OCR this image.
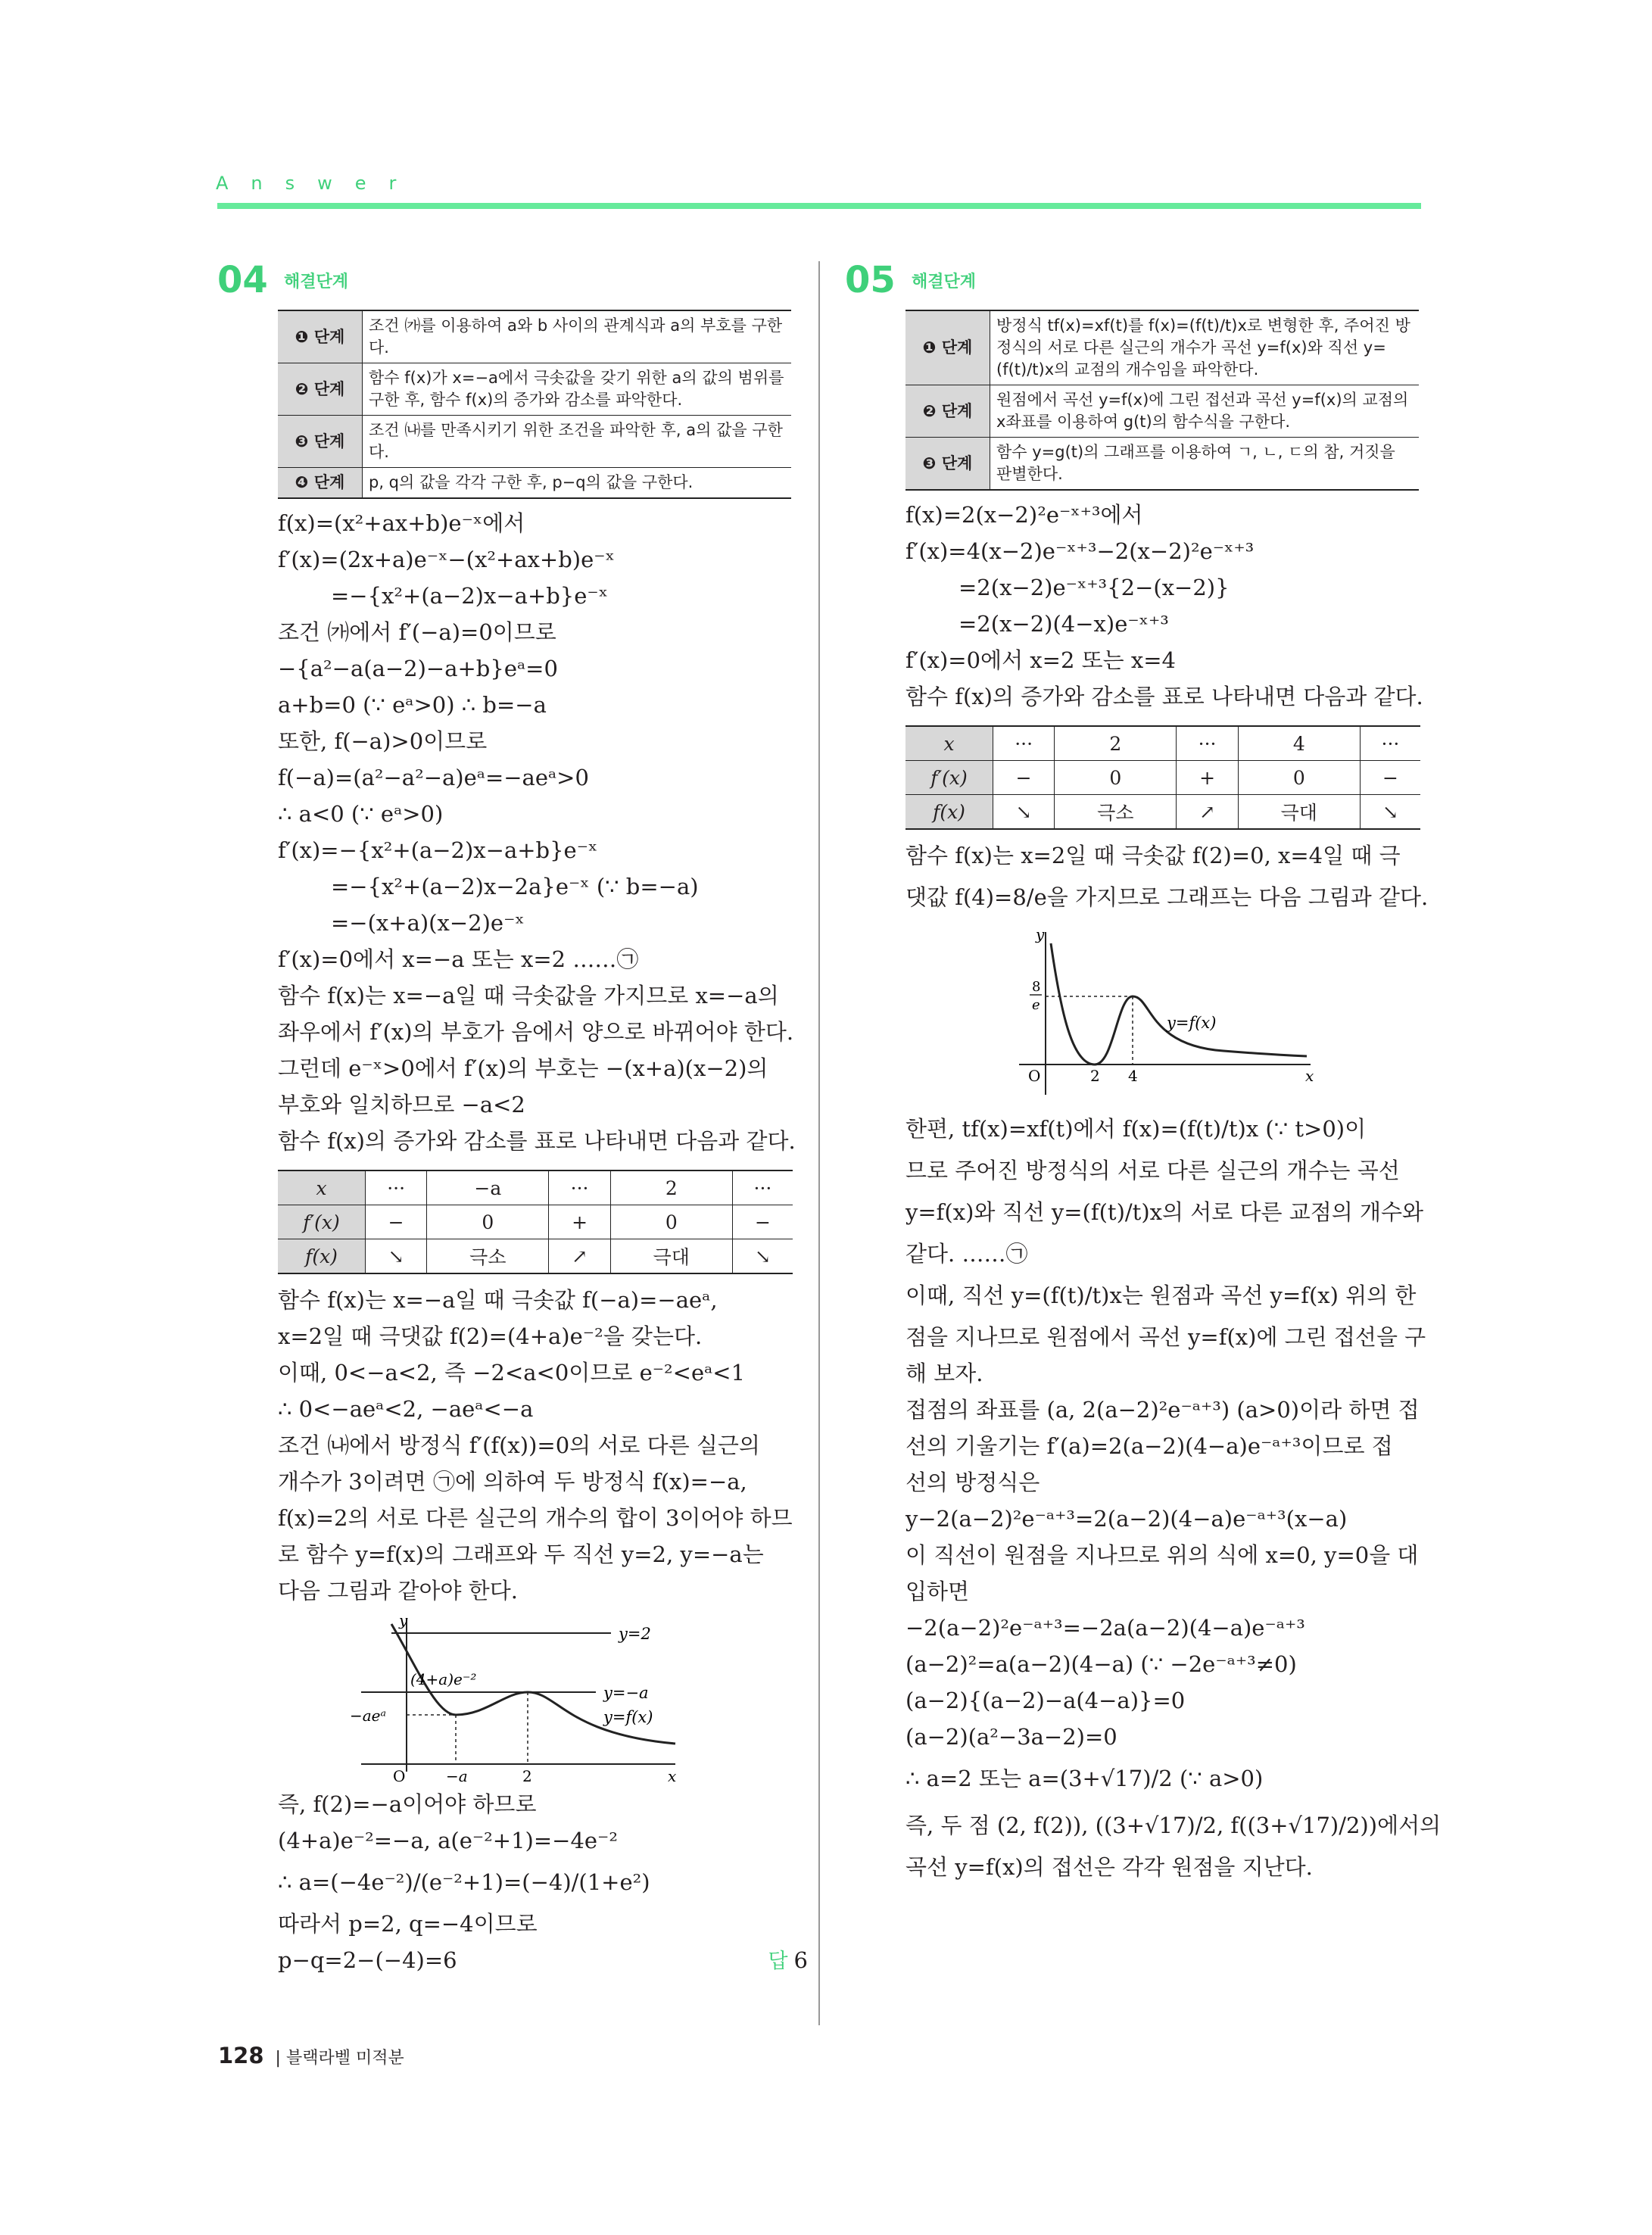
Answer
04 해결단계
❶ 단계	조건 ㈎를 이용하여 a와 b 사이의 관계식과 a의 부호를 구한다.
❷ 단계	함수 f(x)가 x=−a에서 극솟값을 갖기 위한 a의 값의 범위를 구한 후, 함수 f(x)의 증가와 감소를 파악한다.
❸ 단계	조건 ㈏를 만족시키기 위한 조건을 파악한 후, a의 값을 구한다.
❹ 단계	p, q의 값을 각각 구한 후, p−q의 값을 구한다.
f(x)=(x²+ax+b)e⁻ˣ에서
f′(x)=(2x+a)e⁻ˣ−(x²+ax+b)e⁻ˣ
=−{x²+(a−2)x−a+b}e⁻ˣ
조건 ㈎에서 f′(−a)=0이므로
−{a²−a(a−2)−a+b}eᵃ=0
a+b=0 (∵ eᵃ>0) ∴ b=−a
또한, f(−a)>0이므로
f(−a)=(a²−a²−a)eᵃ=−aeᵃ>0
∴ a<0 (∵ eᵃ>0)
f′(x)=−{x²+(a−2)x−a+b}e⁻ˣ
=−{x²+(a−2)x−2a}e⁻ˣ (∵ b=−a)
=−(x+a)(x−2)e⁻ˣ
f′(x)=0에서 x=−a 또는 x=2 ……㉠
함수 f(x)는 x=−a일 때 극솟값을 가지므로 x=−a의
좌우에서 f′(x)의 부호가 음에서 양으로 바뀌어야 한다.
그런데 e⁻ˣ>0에서 f′(x)의 부호는 −(x+a)(x−2)의
부호와 일치하므로 −a<2
함수 f(x)의 증가와 감소를 표로 나타내면 다음과 같다.
x	···	−a	···	2	···
f′(x)	−	0	+	0	−
f(x)	↘	극소	↗	극대	↘
함수 f(x)는 x=−a일 때 극솟값 f(−a)=−aeᵃ,
x=2일 때 극댓값 f(2)=(4+a)e⁻²을 갖는다.
이때, 0<−a<2, 즉 −2<a<0이므로 e⁻²<eᵃ<1
∴ 0<−aeᵃ<2, −aeᵃ<−a
조건 ㈏에서 방정식 f′(f(x))=0의 서로 다른 실근의
개수가 3이려면 ㉠에 의하여 두 방정식 f(x)=−a,
f(x)=2의 서로 다른 실근의 개수의 합이 3이어야 하므
로 함수 y=f(x)의 그래프와 두 직선 y=2, y=−a는
다음 그림과 같아야 한다.
y
x
O	−a	2
y=2
y=−a
y=f(x)
(4+a)e⁻²
−aeᵃ
즉, f(2)=−a이어야 하므로
(4+a)e⁻²=−a, a(e⁻²+1)=−4e⁻²
∴ a=(−4e⁻²)/(e⁻²+1)=(−4)/(1+e²)
따라서 p=2, q=−4이므로
p−q=2−(−4)=6	답 6
05 해결단계
❶ 단계	방정식 tf(x)=xf(t)를 f(x)=(f(t)/t)x로 변형한 후, 주어진 방정식의 서로 다른 실근의 개수가 곡선 y=f(x)와 직선 y=(f(t)/t)x의 교점의 개수임을 파악한다.
❷ 단계	원점에서 곡선 y=f(x)에 그린 접선과 곡선 y=f(x)의 교점의 x좌표를 이용하여 g(t)의 함수식을 구한다.
❸ 단계	함수 y=g(t)의 그래프를 이용하여 ㄱ, ㄴ, ㄷ의 참, 거짓을 판별한다.
f(x)=2(x−2)²e⁻ˣ⁺³에서
f′(x)=4(x−2)e⁻ˣ⁺³−2(x−2)²e⁻ˣ⁺³
=2(x−2)e⁻ˣ⁺³{2−(x−2)}
=2(x−2)(4−x)e⁻ˣ⁺³
f′(x)=0에서 x=2 또는 x=4
함수 f(x)의 증가와 감소를 표로 나타내면 다음과 같다.
x	···	2	···	4	···
f′(x)	−	0	+	0	−
f(x)	↘	극소	↗	극대	↘
함수 f(x)는 x=2일 때 극솟값 f(2)=0, x=4일 때 극
댓값 f(4)=8/e을 가지므로 그래프는 다음 그림과 같다.
y
x
O	2 4
8
e
y=f(x)
한편, tf(x)=xf(t)에서 f(x)=(f(t)/t)x (∵ t>0)이
므로 주어진 방정식의 서로 다른 실근의 개수는 곡선
y=f(x)와 직선 y=(f(t)/t)x의 서로 다른 교점의 개수와
같다. ……㉠
이때, 직선 y=(f(t)/t)x는 원점과 곡선 y=f(x) 위의 한
점을 지나므로 원점에서 곡선 y=f(x)에 그린 접선을 구
해 보자.
접점의 좌표를 (a, 2(a−2)²e⁻ᵃ⁺³) (a>0)이라 하면 접
선의 기울기는 f′(a)=2(a−2)(4−a)e⁻ᵃ⁺³이므로 접
선의 방정식은
y−2(a−2)²e⁻ᵃ⁺³=2(a−2)(4−a)e⁻ᵃ⁺³(x−a)
이 직선이 원점을 지나므로 위의 식에 x=0, y=0을 대
입하면
−2(a−2)²e⁻ᵃ⁺³=−2a(a−2)(4−a)e⁻ᵃ⁺³
(a−2)²=a(a−2)(4−a) (∵ −2e⁻ᵃ⁺³≠0)
(a−2){(a−2)−a(4−a)}=0
(a−2)(a²−3a−2)=0
∴ a=2 또는 a=(3+√17)/2 (∵ a>0)
즉, 두 점 (2, f(2)), ((3+√17)/2, f((3+√17)/2))에서의
곡선 y=f(x)의 접선은 각각 원점을 지난다.
128 | 블랙라벨 미적분
